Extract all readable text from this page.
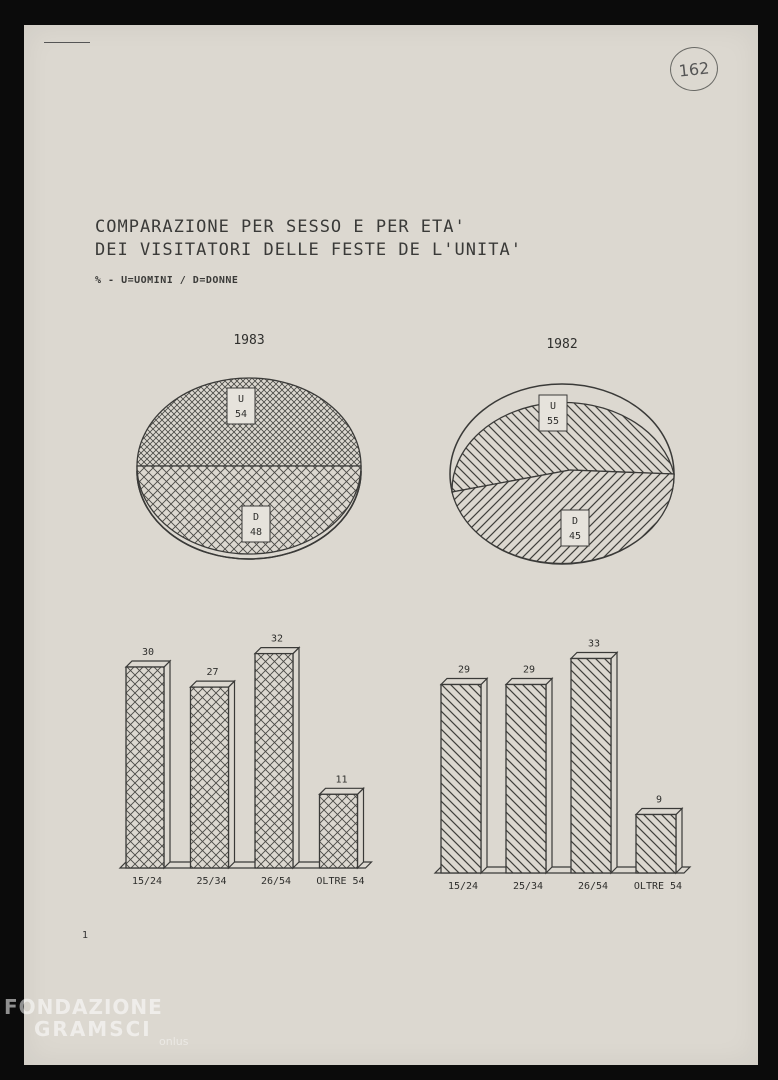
162
COMPARAZIONE PER SESSO E PER ETA'
DEI VISITATORI DELLE FESTE DE L'UNITA'
% - U=UOMINI / D=DONNE
1983
U
54
D
48
1982
U
55
D
45
30
15/24
27
25/34
32
26/54
11
OLTRE 54
29
15/24
29
25/34
33
26/54
9
OLTRE 54
1
FONDAZIONE
GRAMSCI
onlus
